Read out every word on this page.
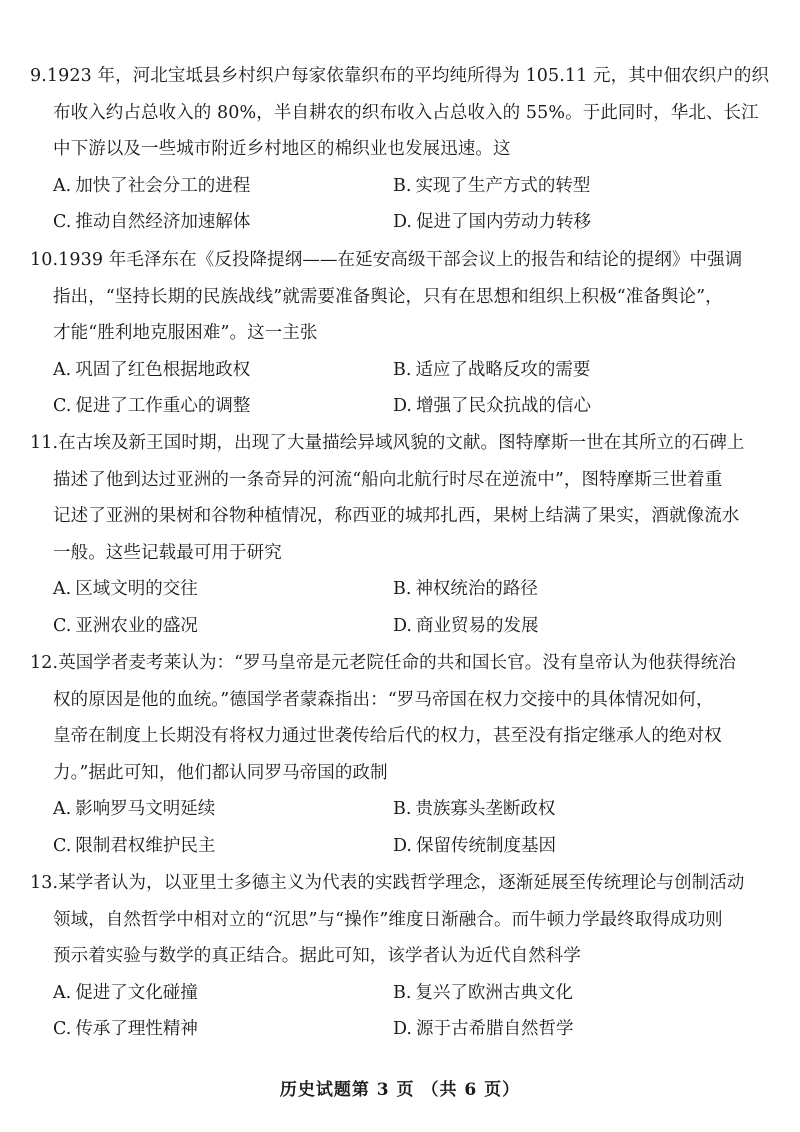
9.1923 年，河北宝坻县乡村织户每家依靠织布的平均纯所得为 105.11 元，其中佃农织户的织

布收入约占总收入的 80%，半自耕农的织布收入占总收入的 55%。于此同时，华北、长江

中下游以及一些城市附近乡村地区的棉织业也发展迅速。这

A. 加快了社会分工的进程	B. 实现了生产方式的转型
C. 推动自然经济加速解体	D. 促进了国内劳动力转移

10.1939 年毛泽东在《反投降提纲——在延安高级干部会议上的报告和结论的提纲》中强调

指出，“坚持长期的民族战线”就需要准备舆论，只有在思想和组织上积极“准备舆论”，

才能“胜利地克服困难”。这一主张

A. 巩固了红色根据地政权	B. 适应了战略反攻的需要
C. 促进了工作重心的调整	D. 增强了民众抗战的信心

11.在古埃及新王国时期，出现了大量描绘异域风貌的文献。图特摩斯一世在其所立的石碑上

描述了他到达过亚洲的一条奇异的河流“船向北航行时尽在逆流中”，图特摩斯三世着重

记述了亚洲的果树和谷物种植情况，称西亚的城邦扎西，果树上结满了果实，酒就像流水

一般。这些记载最可用于研究

A. 区域文明的交往	B. 神权统治的路径
C. 亚洲农业的盛况	D. 商业贸易的发展

12.英国学者麦考莱认为：“罗马皇帝是元老院任命的共和国长官。没有皇帝认为他获得统治

权的原因是他的血统。”德国学者蒙森指出：“罗马帝国在权力交接中的具体情况如何，

皇帝在制度上长期没有将权力通过世袭传给后代的权力，甚至没有指定继承人的绝对权

力。”据此可知，他们都认同罗马帝国的政制

A. 影响罗马文明延续	B. 贵族寡头垄断政权
C. 限制君权维护民主	D. 保留传统制度基因

13.某学者认为，以亚里士多德主义为代表的实践哲学理念，逐渐延展至传统理论与创制活动

领域，自然哲学中相对立的“沉思”与“操作”维度日渐融合。而牛顿力学最终取得成功则

预示着实验与数学的真正结合。据此可知，该学者认为近代自然科学

A. 促进了文化碰撞	B. 复兴了欧洲古典文化
C. 传承了理性精神	D. 源于古希腊自然哲学
历史试题第 3 页 （共 6 页）
